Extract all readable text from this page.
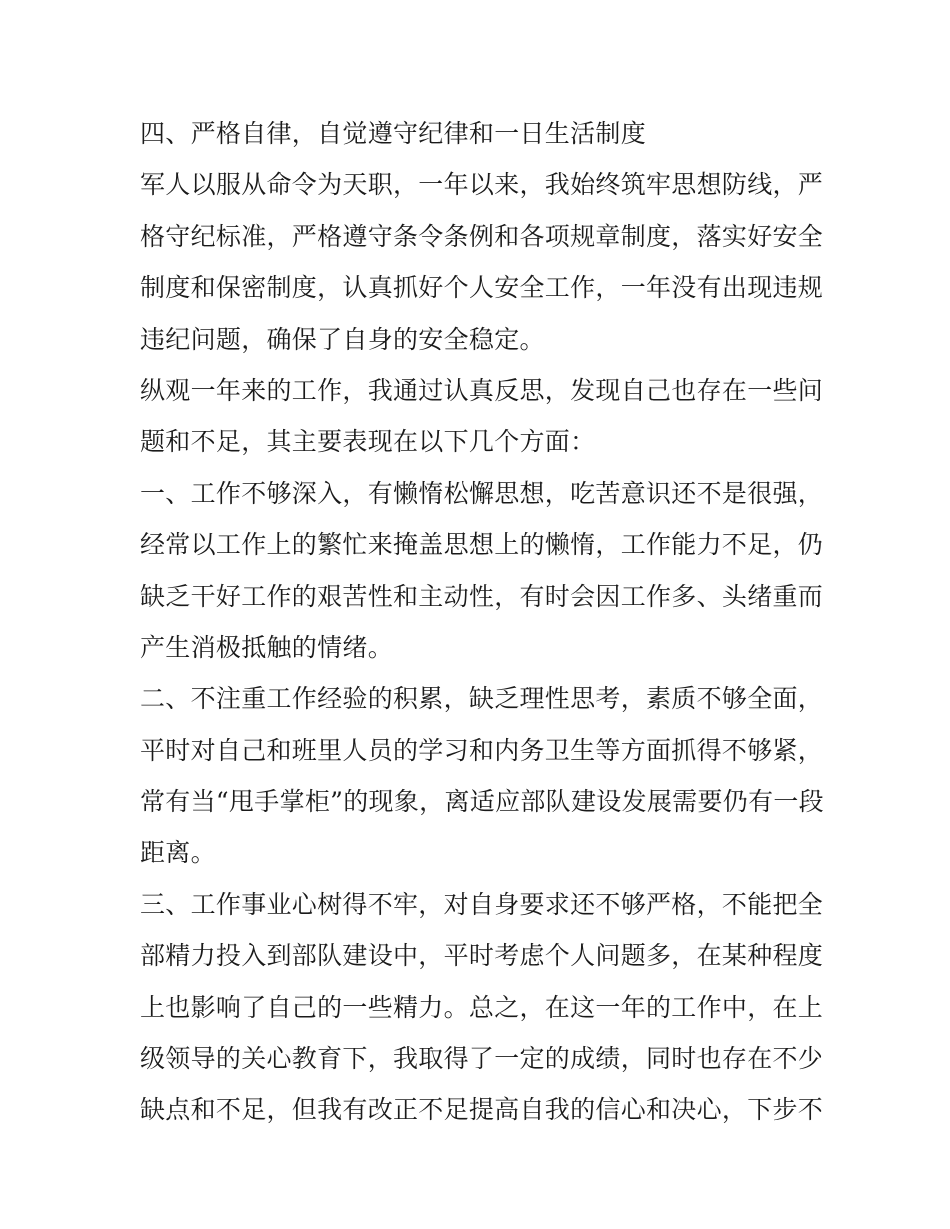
四、严格自律，自觉遵守纪律和一日生活制度
军人以服从命令为天职，一年以来，我始终筑牢思想防线，严
格守纪标准，严格遵守条令条例和各项规章制度，落实好安全
制度和保密制度，认真抓好个人安全工作，一年没有出现违规
违纪问题，确保了自身的安全稳定。
纵观一年来的工作，我通过认真反思，发现自己也存在一些问
题和不足，其主要表现在以下几个方面：
一、工作不够深入，有懒惰松懈思想，吃苦意识还不是很强，
经常以工作上的繁忙来掩盖思想上的懒惰，工作能力不足，仍
缺乏干好工作的艰苦性和主动性，有时会因工作多、头绪重而
产生消极抵触的情绪。
二、不注重工作经验的积累，缺乏理性思考，素质不够全面，
平时对自己和班里人员的学习和内务卫生等方面抓得不够紧，
常有当“甩手掌柜”的现象，离适应部队建设发展需要仍有一段
距离。
三、工作事业心树得不牢，对自身要求还不够严格，不能把全
部精力投入到部队建设中，平时考虑个人问题多，在某种程度
上也影响了自己的一些精力。总之，在这一年的工作中，在上
级领导的关心教育下，我取得了一定的成绩，同时也存在不少
缺点和不足，但我有改正不足提高自我的信心和决心，下步不
